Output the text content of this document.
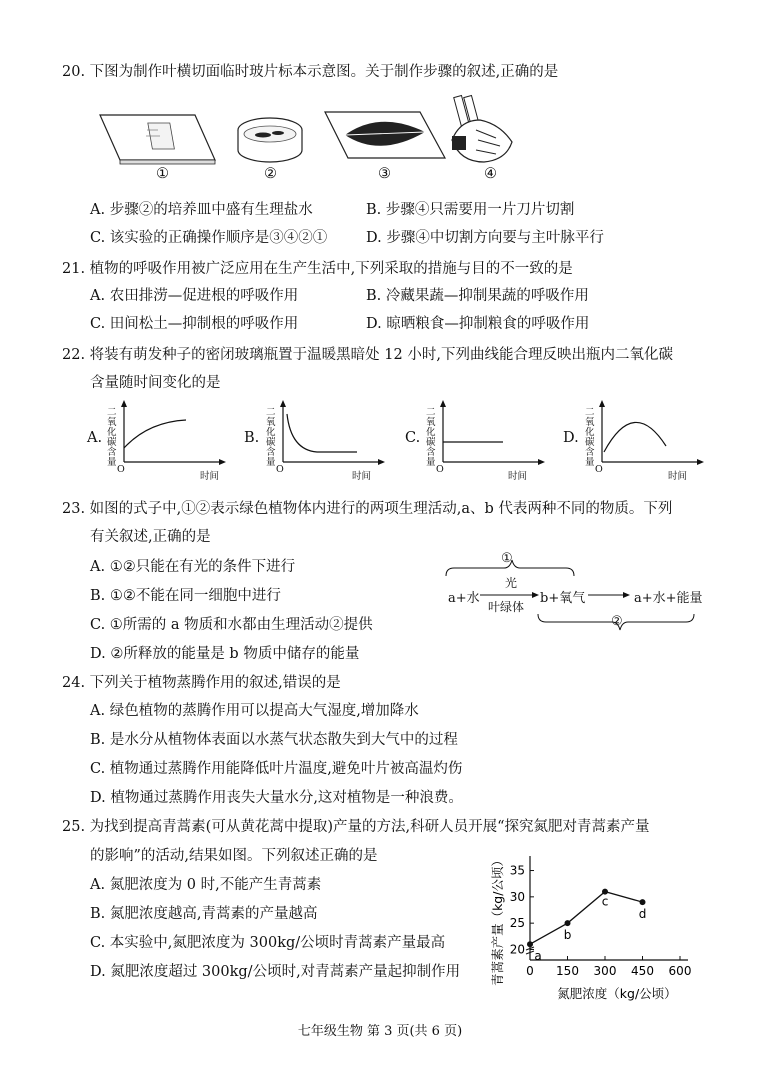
20. 下图为制作叶横切面临时玻片标本示意图。关于制作步骤的叙述,正确的是
①	②	③	④
A. 步骤②的培养皿中盛有生理盐水	B. 步骤④只需要用一片刀片切割
C. 该实验的正确操作顺序是③④②①	D. 步骤④中切割方向要与主叶脉平行
21. 植物的呼吸作用被广泛应用在生产生活中,下列采取的措施与目的不一致的是
A. 农田排涝—促进根的呼吸作用	B. 冷藏果蔬—抑制果蔬的呼吸作用
C. 田间松土—抑制根的呼吸作用	D. 晾晒粮食—抑制粮食的呼吸作用
22. 将装有萌发种子的密闭玻璃瓶置于温暖黑暗处 12 小时,下列曲线能合理反映出瓶内二氧化碳
含量随时间变化的是
A.
二氧化碳含量
O
时间
B.
二氧化碳含量
O
时间
C.
二氧化碳含量
O
时间
D.
二氧化碳含量
O
时间
23. 如图的式子中,①②表示绿色植物体内进行的两项生理活动,a、b 代表两种不同的物质。下列
有关叙述,正确的是
A. ①②只能在有光的条件下进行
B. ①②不能在同一细胞中进行
C. ①所需的 a 物质和水都由生理活动②提供
D. ②所释放的能量是 b 物质中储存的能量
①
a+水
光
叶绿体
b+氧气	a+水+能量
②
24. 下列关于植物蒸腾作用的叙述,错误的是
A. 绿色植物的蒸腾作用可以提高大气湿度,增加降水
B. 是水分从植物体表面以水蒸气状态散失到大气中的过程
C. 植物通过蒸腾作用能降低叶片温度,避免叶片被高温灼伤
D. 植物通过蒸腾作用丧失大量水分,这对植物是一种浪费。
25. 为找到提高青蒿素(可从黄花蒿中提取)产量的方法,科研人员开展“探究氮肥对青蒿素产量
的影响”的活动,结果如图。下列叙述正确的是
A. 氮肥浓度为 0 时,不能产生青蒿素
B. 氮肥浓度越高,青蒿素的产量越高
C. 本实验中,氮肥浓度为 300kg/公顷时青蒿素产量最高
D. 氮肥浓度超过 300kg/公顷时,对青蒿素产量起抑制作用	0 150 300 450 600
20
25
30
35
a
b
c
d
氮肥浓度（kg/公顷）
青蒿素产量（kg/公顷）
七年级生物 第 3 页(共 6 页)
